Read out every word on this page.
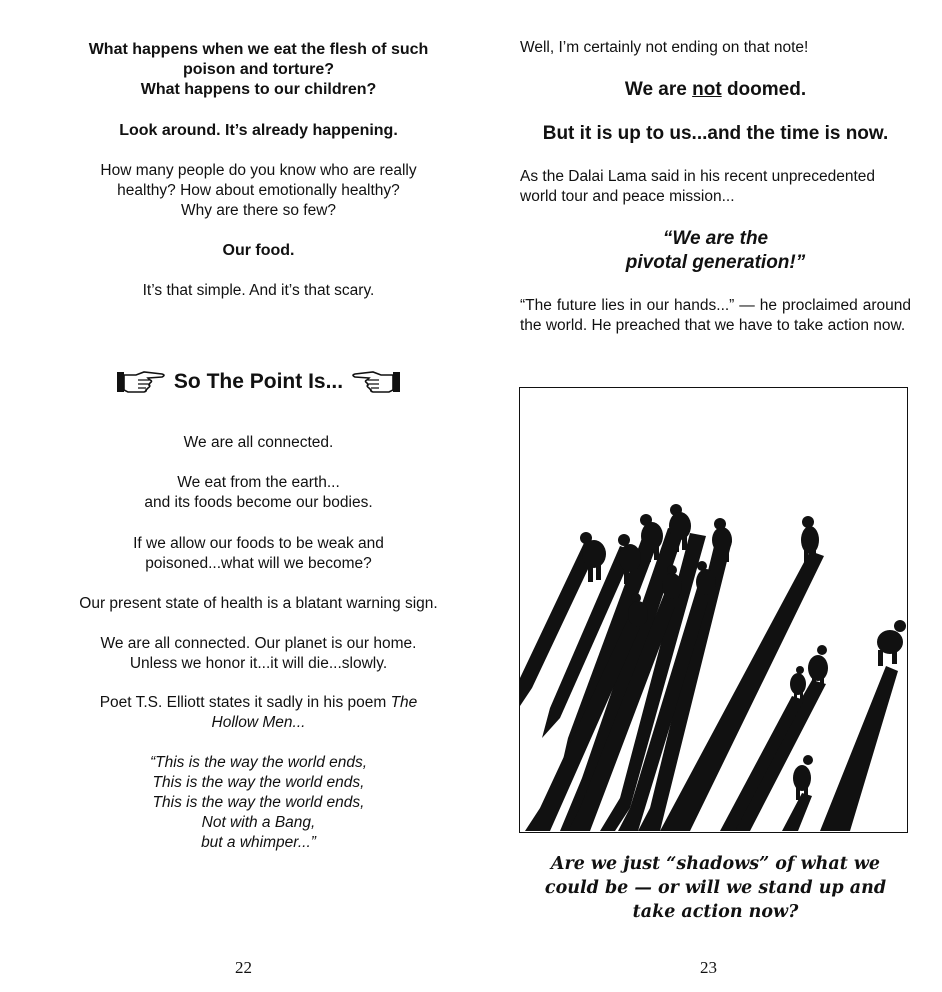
What happens when we eat the flesh of such
poison and torture?
What happens to our children?

Look around. It’s already happening.

How many people do you know who are really
healthy? How about emotionally healthy?
Why are there so few?

Our food.

It’s that simple. And it’s that scary.

So The Point Is...

We are all connected.

We eat from the earth...
and its foods become our bodies.

If we allow our foods to be weak and
poisoned...what will we become?

Our present state of health is a blatant warning sign.

We are all connected. Our planet is our home.
Unless we honor it...it will die...slowly.

Poet T.S. Elliott states it sadly in his poem The
Hollow Men...

“This is the way the world ends,
This is the way the world ends,
This is the way the world ends,
Not with a Bang,
but a whimper...”

22

Well, I’m certainly not ending on that note!

We are not doomed.

But it is up to us...and the time is now.

As the Dalai Lama said in his recent unprecedented
world tour and peace mission...

“We are the
pivotal generation!”

“The future lies in our hands...” — he proclaimed around the world. He preached that we have to take action now.

Are we just “shadows” of what we
could be — or will we stand up and
take action now?

23
